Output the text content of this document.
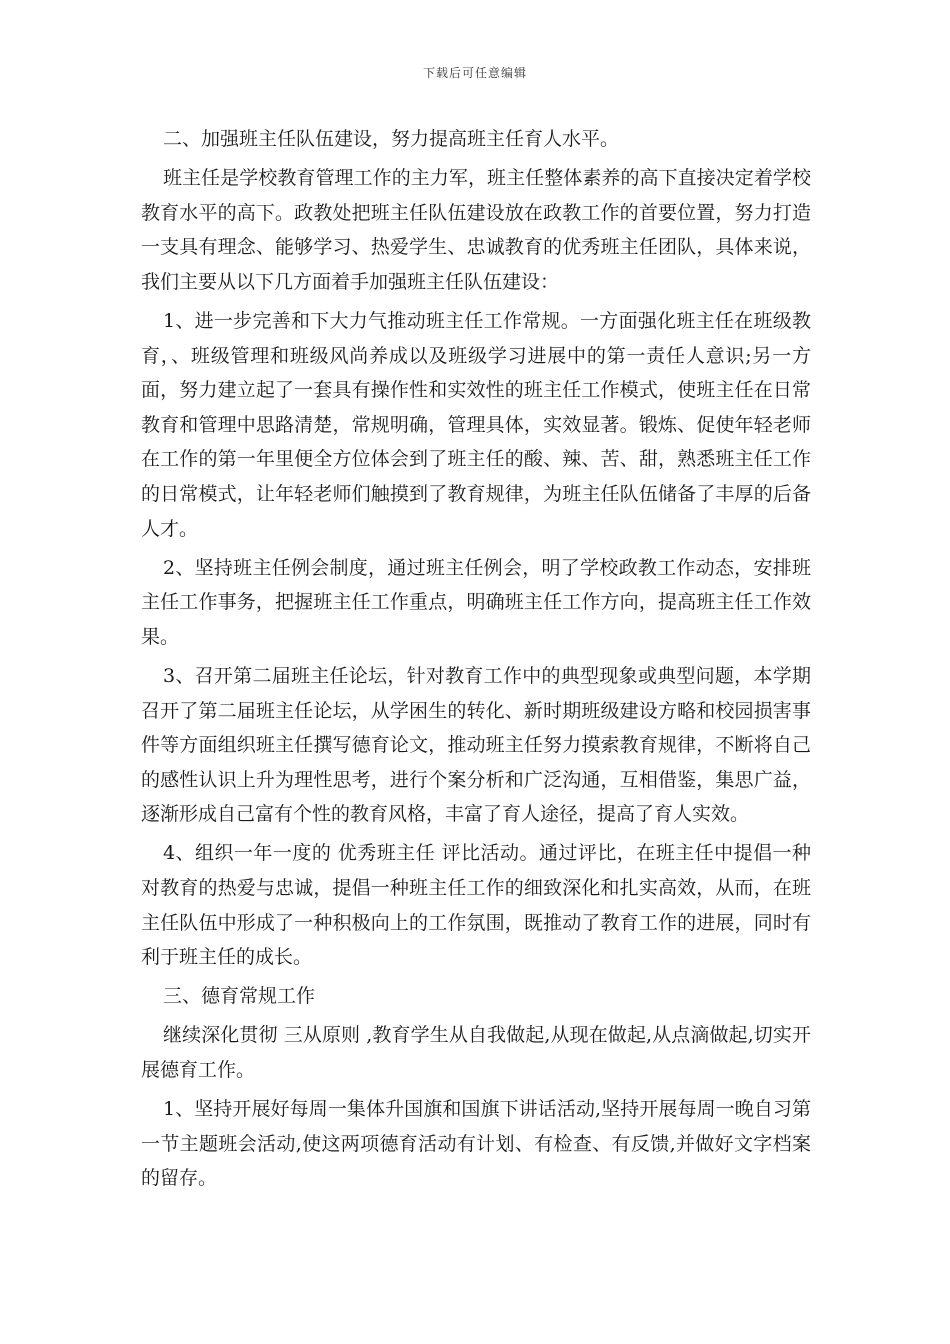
下载后可任意编辑

二、加强班主任队伍建设，努力提高班主任育人水平。

班主任是学校教育管理工作的主力军，班主任整体素养的高下直接决定着学校教育水平的高下。政教处把班主任队伍建设放在政教工作的首要位置，努力打造一支具有理念、能够学习、热爱学生、忠诚教育的优秀班主任团队，具体来说，我们主要从以下几方面着手加强班主任队伍建设：

1、进一步完善和下大力气推动班主任工作常规。一方面强化班主任在班级教育，、班级管理和班级风尚养成以及班级学习进展中的第一责任人意识;另一方面，努力建立起了一套具有操作性和实效性的班主任工作模式，使班主任在日常教育和管理中思路清楚，常规明确，管理具体，实效显著。锻炼、促使年轻老师在工作的第一年里便全方位体会到了班主任的酸、辣、苦、甜，熟悉班主任工作的日常模式，让年轻老师们触摸到了教育规律，为班主任队伍储备了丰厚的后备人才。

2、坚持班主任例会制度，通过班主任例会，明了学校政教工作动态，安排班主任工作事务，把握班主任工作重点，明确班主任工作方向，提高班主任工作效果。

3、召开第二届班主任论坛，针对教育工作中的典型现象或典型问题，本学期召开了第二届班主任论坛，从学困生的转化、新时期班级建设方略和校园损害事件等方面组织班主任撰写德育论文，推动班主任努力摸索教育规律，不断将自己的感性认识上升为理性思考，进行个案分析和广泛沟通，互相借鉴，集思广益，逐渐形成自己富有个性的教育风格，丰富了育人途径，提高了育人实效。

4、组织一年一度的 优秀班主任 评比活动。通过评比，在班主任中提倡一种对教育的热爱与忠诚，提倡一种班主任工作的细致深化和扎实高效，从而，在班主任队伍中形成了一种积极向上的工作氛围，既推动了教育工作的进展，同时有利于班主任的成长。

三、德育常规工作

继续深化贯彻 三从原则 ,教育学生从自我做起,从现在做起,从点滴做起,切实开展德育工作。

1、坚持开展好每周一集体升国旗和国旗下讲话活动,坚持开展每周一晚自习第一节主题班会活动,使这两项德育活动有计划、有检查、有反馈,并做好文字档案的留存。
